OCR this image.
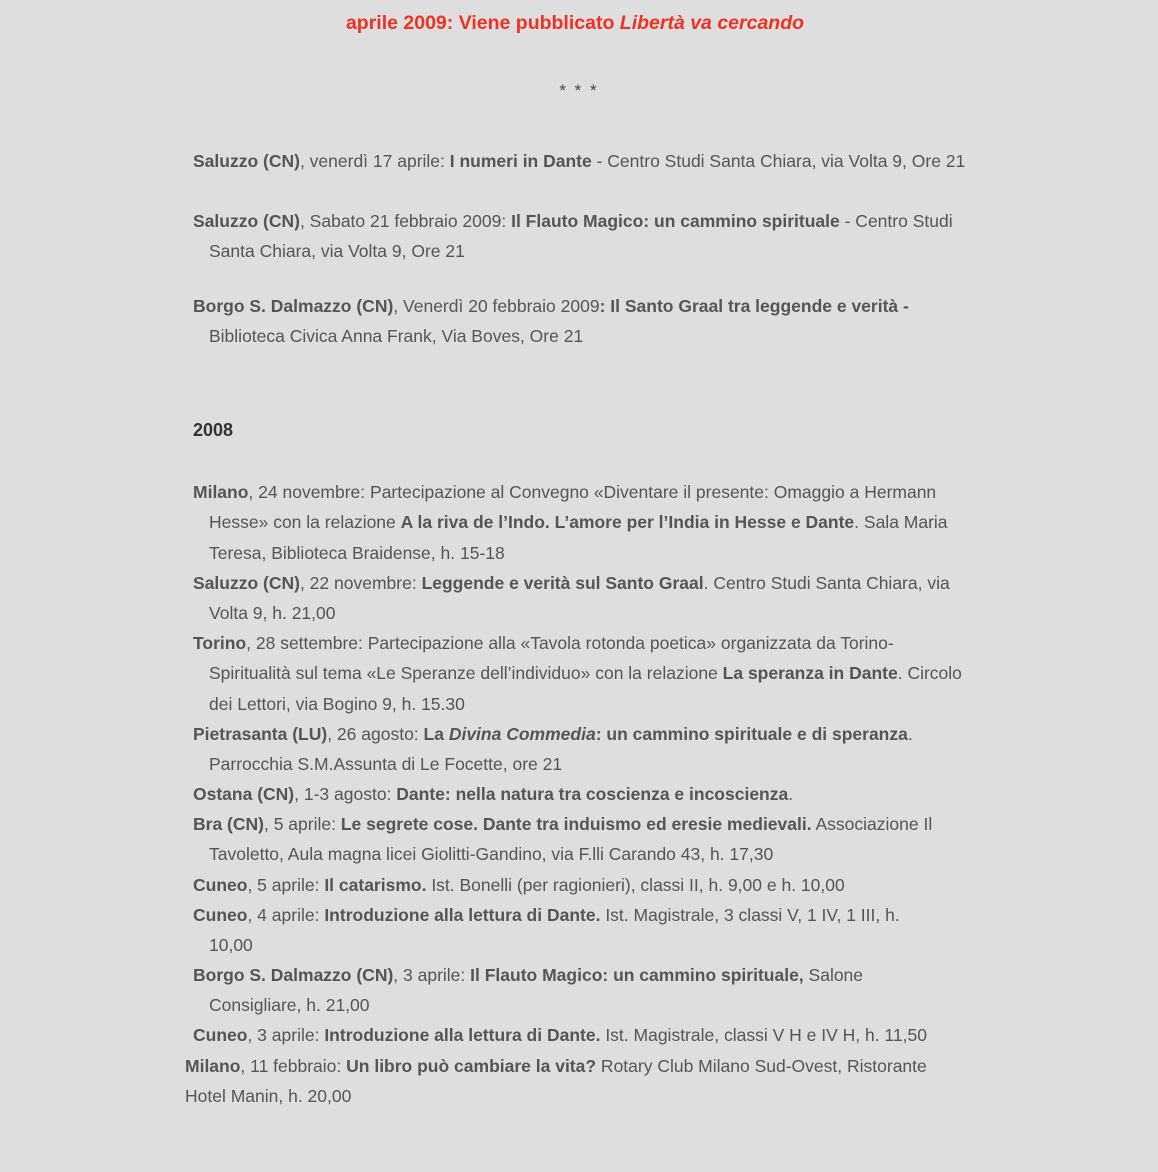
aprile 2009: Viene pubblicato Libertà va cercando
* * *
Saluzzo (CN), venerdì 17 aprile: I numeri in Dante - Centro Studi Santa Chiara, via Volta 9, Ore 21
Saluzzo (CN), Sabato 21 febbraio 2009: Il Flauto Magico: un cammino spirituale - Centro Studi Santa Chiara, via Volta 9, Ore 21
Borgo S. Dalmazzo (CN), Venerdì 20 febbraio 2009: Il Santo Graal tra leggende e verità - Biblioteca Civica Anna Frank, Via Boves, Ore 21
2008
Milano, 24 novembre: Partecipazione al Convegno «Diventare il presente: Omaggio a Hermann Hesse» con la relazione A la riva de l’Indo. L’amore per l’India in Hesse e Dante. Sala Maria Teresa, Biblioteca Braidense, h. 15-18
Saluzzo (CN), 22 novembre: Leggende e verità sul Santo Graal. Centro Studi Santa Chiara, via Volta 9, h. 21,00
Torino, 28 settembre: Partecipazione alla «Tavola rotonda poetica» organizzata da Torino-Spiritualità sul tema «Le Speranze dell’individuo» con la relazione La speranza in Dante. Circolo dei Lettori, via Bogino 9, h. 15.30
Pietrasanta (LU), 26 agosto: La Divina Commedia: un cammino spirituale e di speranza. Parrocchia S.M.Assunta di Le Focette, ore 21
Ostana (CN), 1-3 agosto: Dante: nella natura tra coscienza e incoscienza.
Bra (CN), 5 aprile: Le segrete cose. Dante tra induismo ed eresie medievali. Associazione Il Tavoletto, Aula magna licei Giolitti-Gandino, via F.lli Carando 43, h. 17,30
Cuneo, 5 aprile: Il catarismo. Ist. Bonelli (per ragionieri), classi II, h. 9,00 e h. 10,00
Cuneo, 4 aprile: Introduzione alla lettura di Dante. Ist. Magistrale, 3 classi V, 1 IV, 1 III, h. 10,00
Borgo S. Dalmazzo (CN), 3 aprile: Il Flauto Magico: un cammino spirituale, Salone Consigliare, h. 21,00
Cuneo, 3 aprile: Introduzione alla lettura di Dante. Ist. Magistrale, classi V H e IV H, h. 11,50
Milano, 11 febbraio: Un libro può cambiare la vita? Rotary Club Milano Sud-Ovest, Ristorante Hotel Manin, h. 20,00
